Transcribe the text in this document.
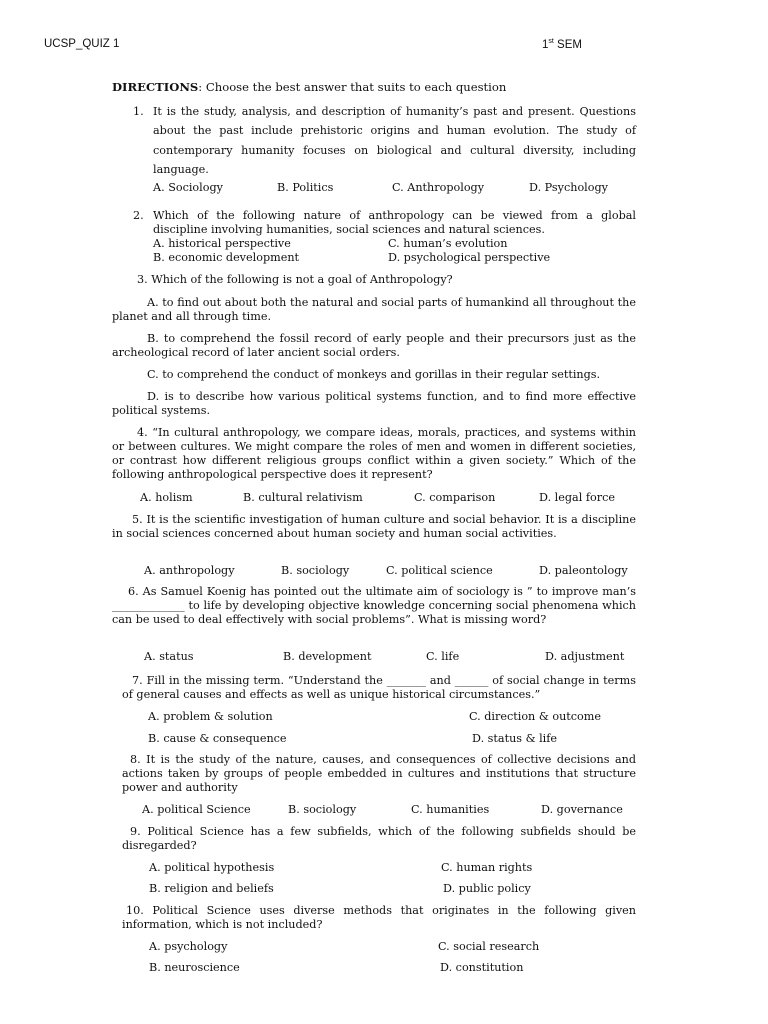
UCSP_QUIZ 1	1st SEM
DIRECTIONS: Choose the best answer that suits to each question
1. It is the study, analysis, and description of humanity’s past and present. Questions about the past include prehistoric origins and human evolution. The study of contemporary humanity focuses on biological and cultural diversity, including language.
A. Sociology	B. Politics	C. Anthropology	D. Psychology
2. Which of the following nature of anthropology can be viewed from a global discipline involving humanities, social sciences and natural sciences.
A. historical perspective	C. human’s evolution
B. economic development	D. psychological perspective
3. Which of the following is not a goal of Anthropology?
A. to find out about both the natural and social parts of humankind all throughout the planet and all through time.
B. to comprehend the fossil record of early people and their precursors just as the archeological record of later ancient social orders.
C. to comprehend the conduct of monkeys and gorillas in their regular settings.
D. is to describe how various political systems function, and to find more effective political systems.
4. “In cultural anthropology, we compare ideas, morals, practices, and systems within or between cultures. We might compare the roles of men and women in different societies, or contrast how different religious groups conflict within a given society.” Which of the following anthropological perspective does it represent?
A. holism	B. cultural relativism	C. comparison	D. legal force
5. It is the scientific investigation of human culture and social behavior. It is a discipline in social sciences concerned about human society and human social activities.
A. anthropology	B. sociology	C. political science	D. paleontology
6. As Samuel Koenig has pointed out the ultimate aim of sociology is ” to improve man’s _____________ to life by developing objective knowledge concerning social phenomena which can be used to deal effectively with social problems”. What is missing word?
A. status	B. development	C. life	D. adjustment
7. Fill in the missing term. “Understand the _______ and ______ of social change in terms of general causes and effects as well as unique historical circumstances.”
A. problem & solution	C. direction & outcome
B. cause & consequence	D. status & life
8. It is the study of the nature, causes, and consequences of collective decisions and actions taken by groups of people embedded in cultures and institutions that structure power and authority
A. political Science	B. sociology	C. humanities	D. governance
9. Political Science has a few subfields, which of the following subfields should be disregarded?
A. political hypothesis	C. human rights
B. religion and beliefs	D. public policy
10. Political Science uses diverse methods that originates in the following given information, which is not included?
A. psychology	C. social research
B. neuroscience	D. constitution
